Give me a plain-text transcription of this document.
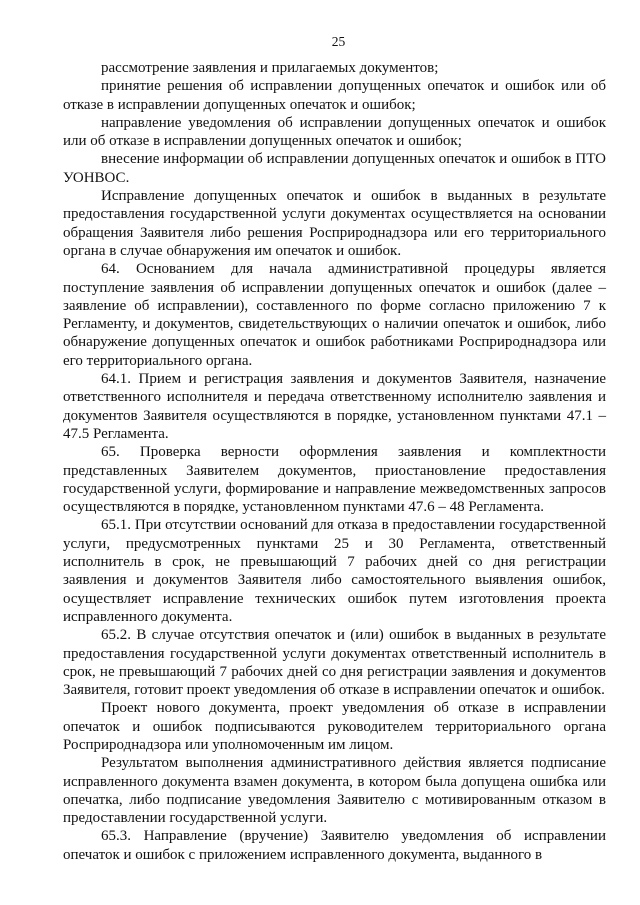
25

рассмотрение заявления и прилагаемых документов;

принятие решения об исправлении допущенных опечаток и ошибок или об отказе в исправлении допущенных опечаток и ошибок;

направление уведомления об исправлении допущенных опечаток и ошибок или об отказе в исправлении допущенных опечаток и ошибок;

внесение информации об исправлении допущенных опечаток и ошибок в ПТО УОНВОС.

Исправление допущенных опечаток и ошибок в выданных в результате предоставления государственной услуги документах осуществляется на основании обращения Заявителя либо решения Росприроднадзора или его территориального органа в случае обнаружения им опечаток и ошибок.

64. Основанием для начала административной процедуры является поступление заявления об исправлении допущенных опечаток и ошибок (далее – заявление об исправлении), составленного по форме согласно приложению 7 к Регламенту, и документов, свидетельствующих о наличии опечаток и ошибок, либо обнаружение допущенных опечаток и ошибок работниками Росприроднадзора или его территориального органа.

64.1. Прием и регистрация заявления и документов Заявителя, назначение ответственного исполнителя и передача ответственному исполнителю заявления и документов Заявителя осуществляются в порядке, установленном пунктами 47.1 – 47.5 Регламента.

65. Проверка верности оформления заявления и комплектности представленных Заявителем документов, приостановление предоставления государственной услуги, формирование и направление межведомственных запросов осуществляются в порядке, установленном пунктами 47.6 – 48 Регламента.

65.1. При отсутствии оснований для отказа в предоставлении государственной услуги, предусмотренных пунктами 25 и 30 Регламента, ответственный исполнитель в срок, не превышающий 7 рабочих дней со дня регистрации заявления и документов Заявителя либо самостоятельного выявления ошибок, осуществляет исправление технических ошибок путем изготовления проекта исправленного документа.

65.2. В случае отсутствия опечаток и (или) ошибок в выданных в результате предоставления государственной услуги документах ответственный исполнитель в срок, не превышающий 7 рабочих дней со дня регистрации заявления и документов Заявителя, готовит проект уведомления об отказе в исправлении опечаток и ошибок.

Проект нового документа, проект уведомления об отказе в исправлении опечаток и ошибок подписываются руководителем территориального органа Росприроднадзора или уполномоченным им лицом.

Результатом выполнения административного действия является подписание исправленного документа взамен документа, в котором была допущена ошибка или опечатка, либо подписание уведомления Заявителю с мотивированным отказом в предоставлении государственной услуги.

65.3. Направление (вручение) Заявителю уведомления об исправлении опечаток и ошибок с приложением исправленного документа, выданного в
